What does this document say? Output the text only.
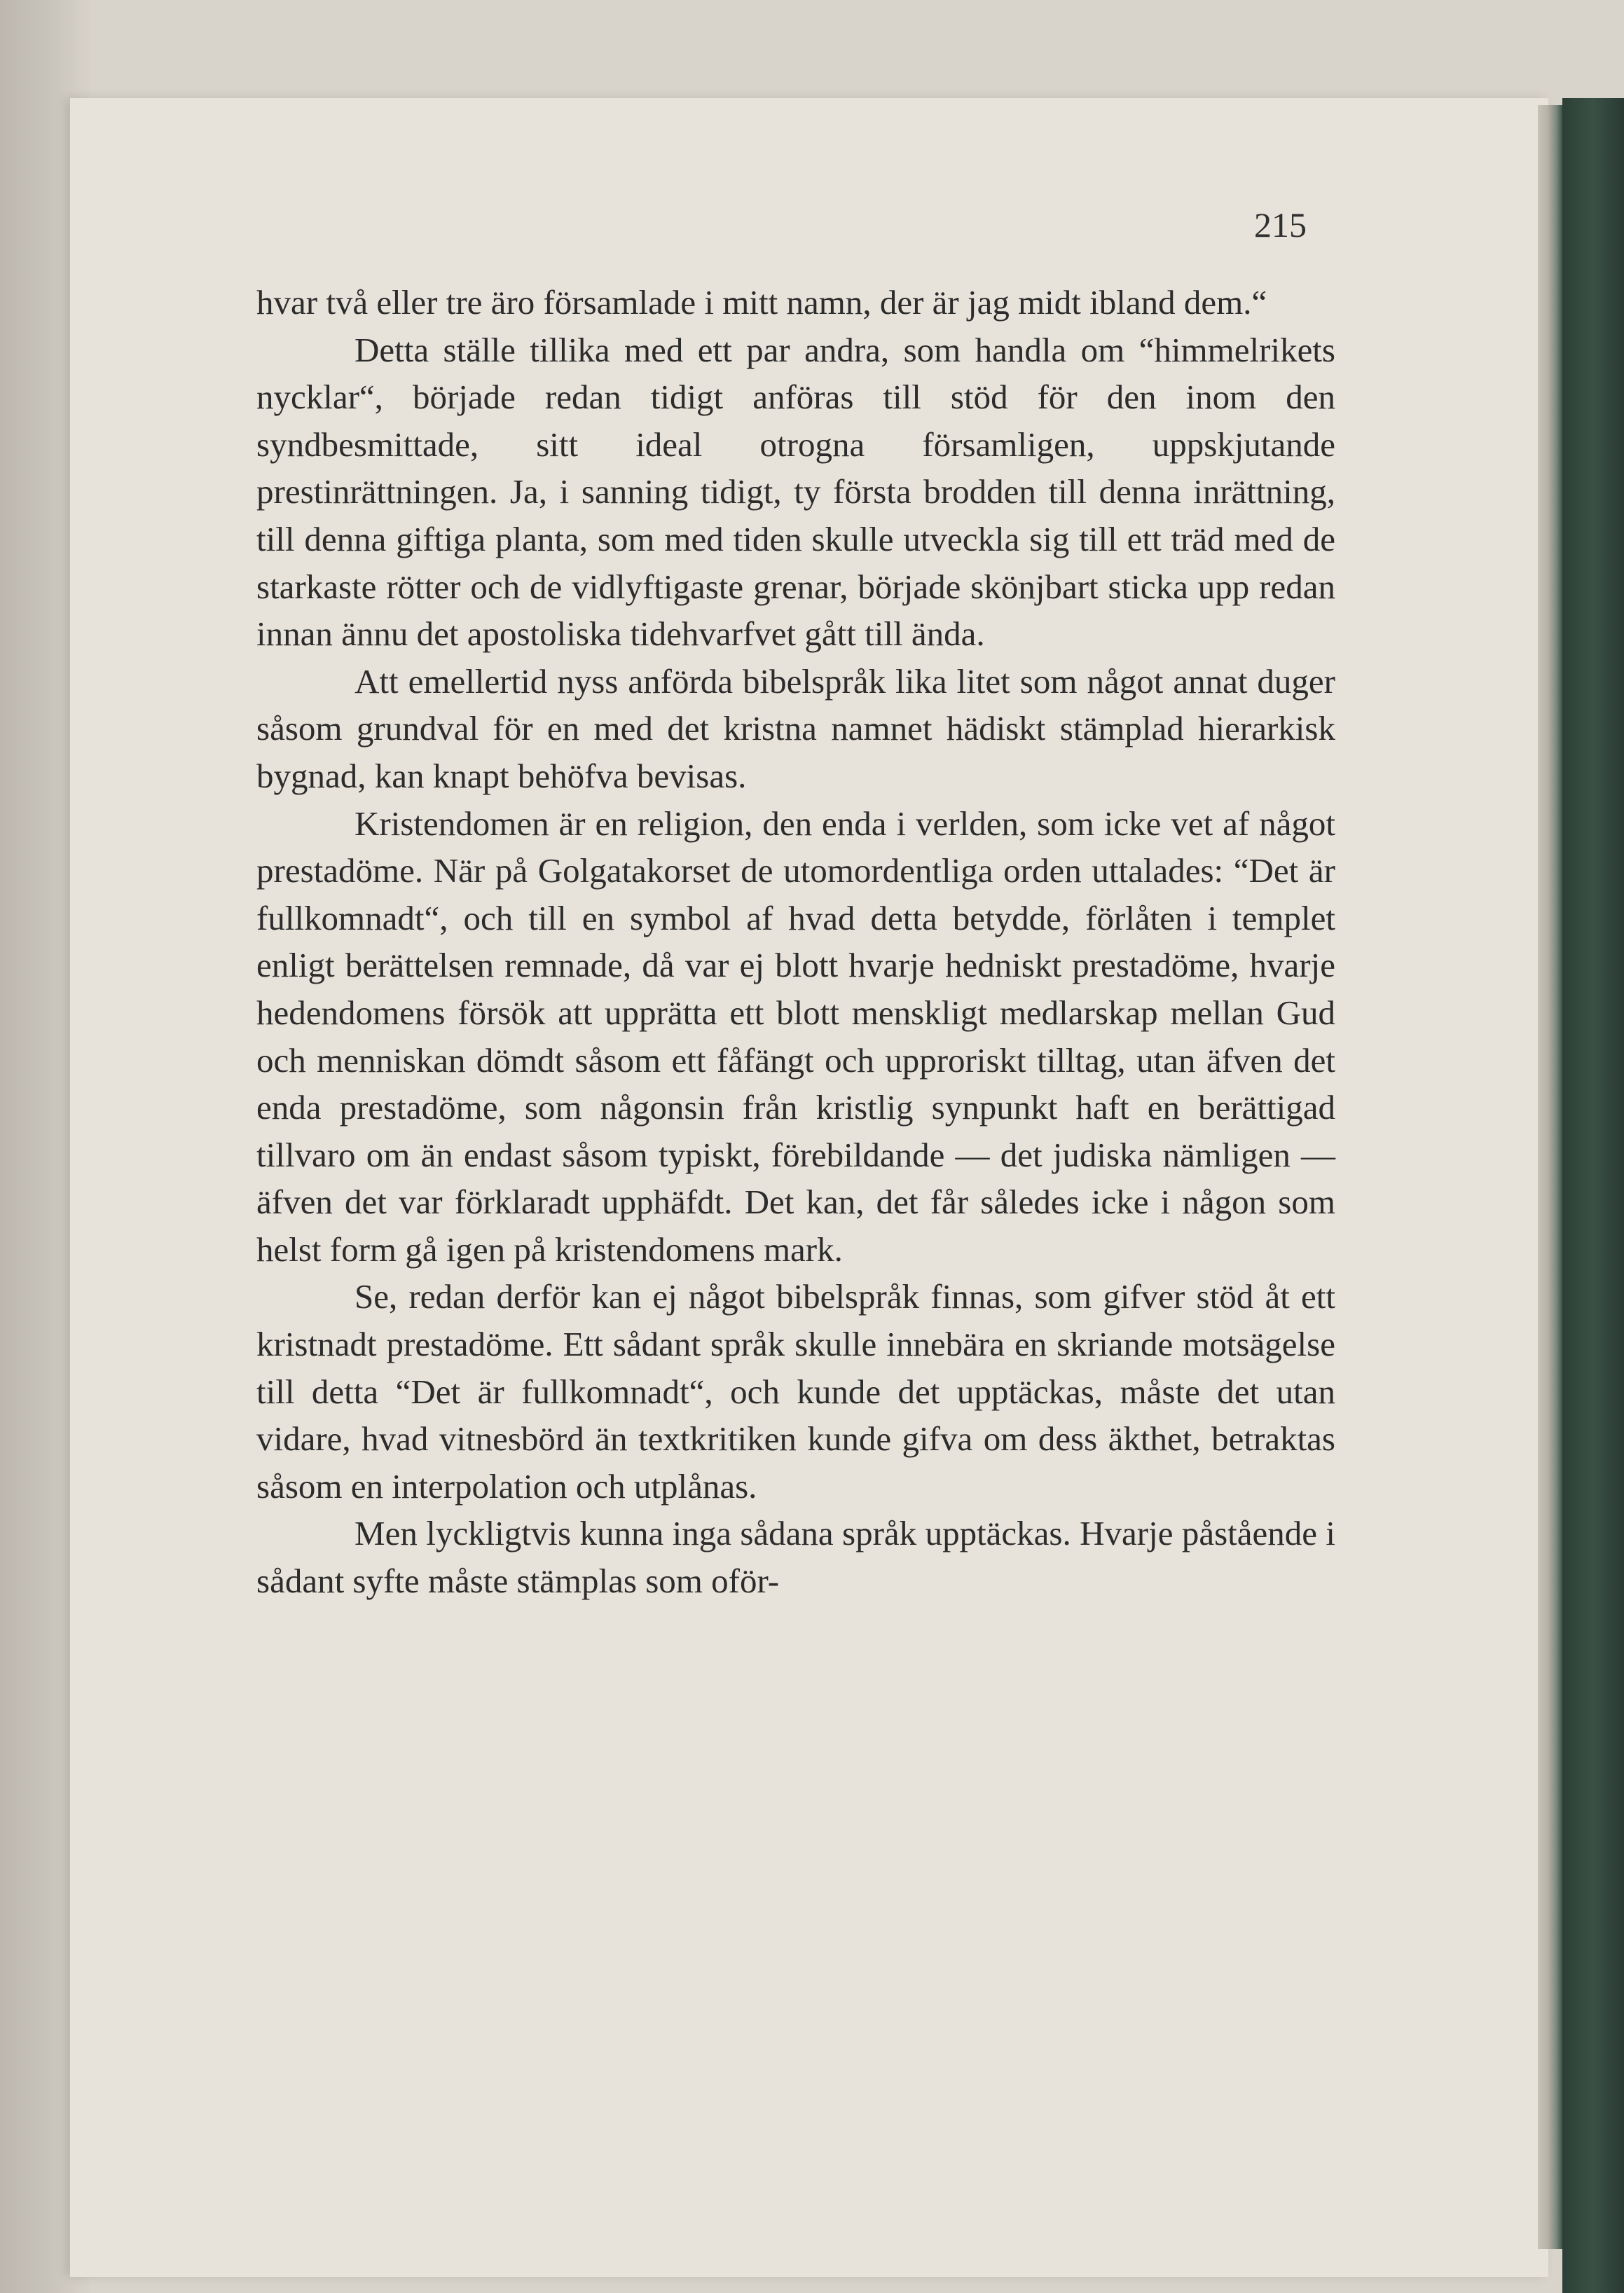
215

hvar två eller tre äro församlade i mitt namn, der är jag midt ibland dem.“

Detta ställe tillika med ett par andra, som handla om “himmelrikets nycklar“, började redan tidigt anföras till stöd för den inom den syndbesmittade, sitt ideal otrogna församligen, uppskjutande prestinrättningen. Ja, i sanning tidigt, ty första brodden till denna inrättning, till denna giftiga planta, som med tiden skulle utveckla sig till ett träd med de starkaste rötter och de vidlyftigaste grenar, började skönjbart sticka upp redan innan ännu det apostoliska tidehvarfvet gått till ända.

Att emellertid nyss anförda bibelspråk lika litet som något annat duger såsom grundval för en med det kristna namnet hädiskt stämplad hierarkisk bygnad, kan knapt behöfva bevisas.

Kristendomen är en religion, den enda i verlden, som icke vet af något prestadöme. När på Golgatakorset de utomordentliga orden uttalades: “Det är fullkomnadt“, och till en symbol af hvad detta betydde, förlåten i templet enligt berättelsen remnade, då var ej blott hvarje hedniskt prestadöme, hvarje hedendomens försök att upprätta ett blott menskligt medlarskap mellan Gud och menniskan dömdt såsom ett fåfängt och upproriskt tilltag, utan äfven det enda prestadöme, som någonsin från kristlig synpunkt haft en berättigad tillvaro om än endast såsom typiskt, förebildande — det judiska nämligen — äfven det var förklaradt upphäfdt. Det kan, det får således icke i någon som helst form gå igen på kristendomens mark.

Se, redan derför kan ej något bibelspråk finnas, som gifver stöd åt ett kristnadt prestadöme. Ett sådant språk skulle innebära en skriande motsägelse till detta “Det är fullkomnadt“, och kunde det upptäckas, måste det utan vidare, hvad vitnesbörd än textkritiken kunde gifva om dess äkthet, betraktas såsom en interpolation och utplånas.

Men lyckligtvis kunna inga sådana språk upptäckas. Hvarje påstående i sådant syfte måste stämplas som oför-
